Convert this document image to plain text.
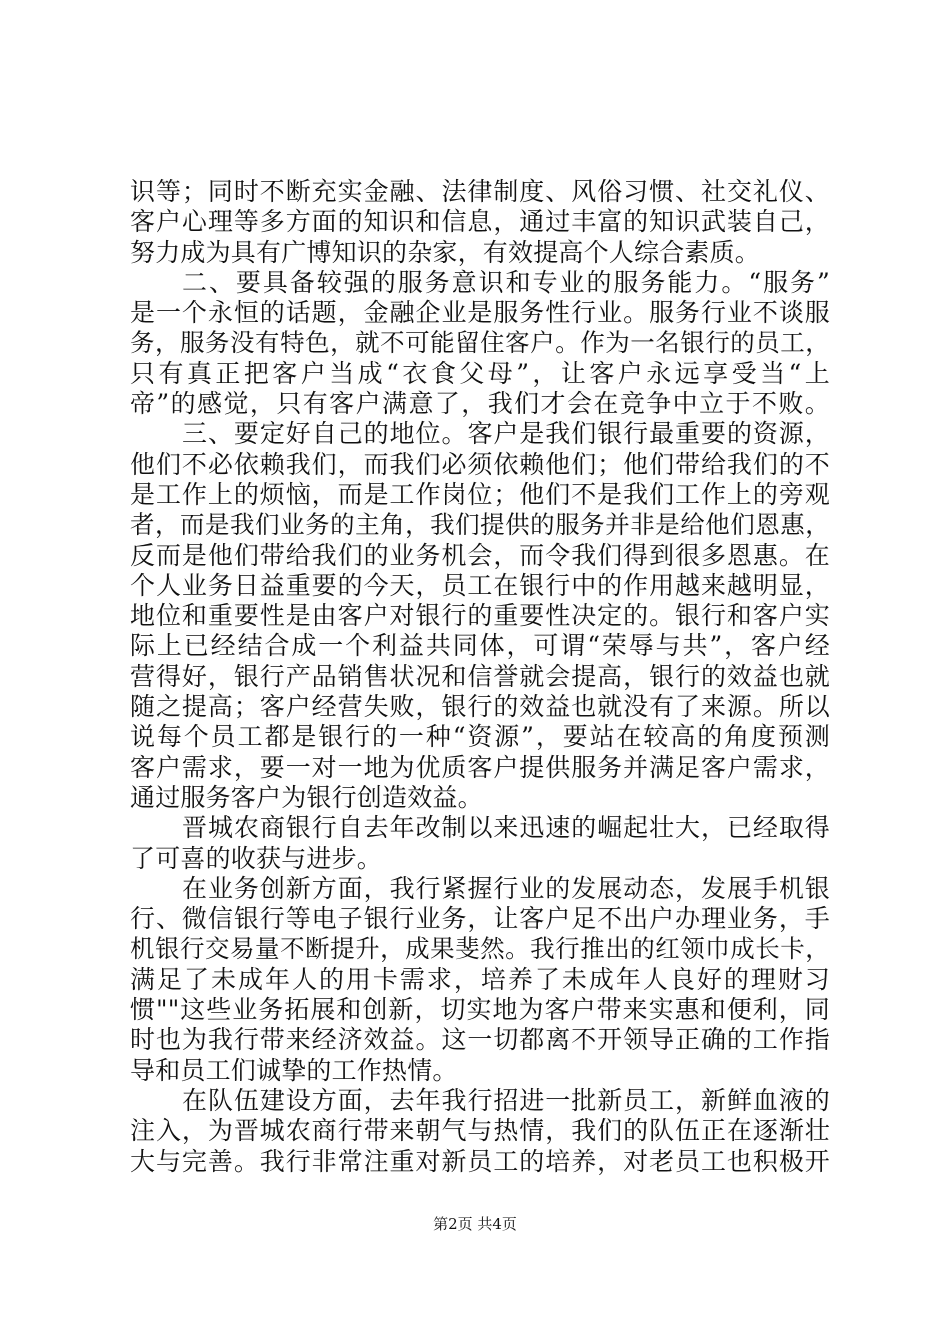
识等；同时不断充实金融、法律制度、风俗习惯、社交礼仪、
客户心理等多方面的知识和信息，通过丰富的知识武装自己，
努力成为具有广博知识的杂家，有效提高个人综合素质。
二、要具备较强的服务意识和专业的服务能力。“服务”
是一个永恒的话题，金融企业是服务性行业。服务行业不谈服
务，服务没有特色，就不可能留住客户。作为一名银行的员工，
只有真正把客户当成“衣食父母”，让客户永远享受当“上
帝”的感觉，只有客户满意了，我们才会在竞争中立于不败。
三、要定好自己的地位。客户是我们银行最重要的资源，
他们不必依赖我们，而我们必须依赖他们；他们带给我们的不
是工作上的烦恼，而是工作岗位；他们不是我们工作上的旁观
者，而是我们业务的主角，我们提供的服务并非是给他们恩惠，
反而是他们带给我们的业务机会，而令我们得到很多恩惠。在
个人业务日益重要的今天，员工在银行中的作用越来越明显，
地位和重要性是由客户对银行的重要性决定的。银行和客户实
际上已经结合成一个利益共同体，可谓“荣辱与共”，客户经
营得好，银行产品销售状况和信誉就会提高，银行的效益也就
随之提高；客户经营失败，银行的效益也就没有了来源。所以
说每个员工都是银行的一种“资源”，要站在较高的角度预测
客户需求，要一对一地为优质客户提供服务并满足客户需求，
通过服务客户为银行创造效益。
晋城农商银行自去年改制以来迅速的崛起壮大，已经取得
了可喜的收获与进步。
在业务创新方面，我行紧握行业的发展动态，发展手机银
行、微信银行等电子银行业务，让客户足不出户办理业务，手
机银行交易量不断提升，成果斐然。我行推出的红领巾成长卡，
满足了未成年人的用卡需求，培养了未成年人良好的理财习
惯""这些业务拓展和创新，切实地为客户带来实惠和便利，同
时也为我行带来经济效益。这一切都离不开领导正确的工作指
导和员工们诚挚的工作热情。
在队伍建设方面，去年我行招进一批新员工，新鲜血液的
注入，为晋城农商行带来朝气与热情，我们的队伍正在逐渐壮
大与完善。我行非常注重对新员工的培养，对老员工也积极开
第2页 共4页
